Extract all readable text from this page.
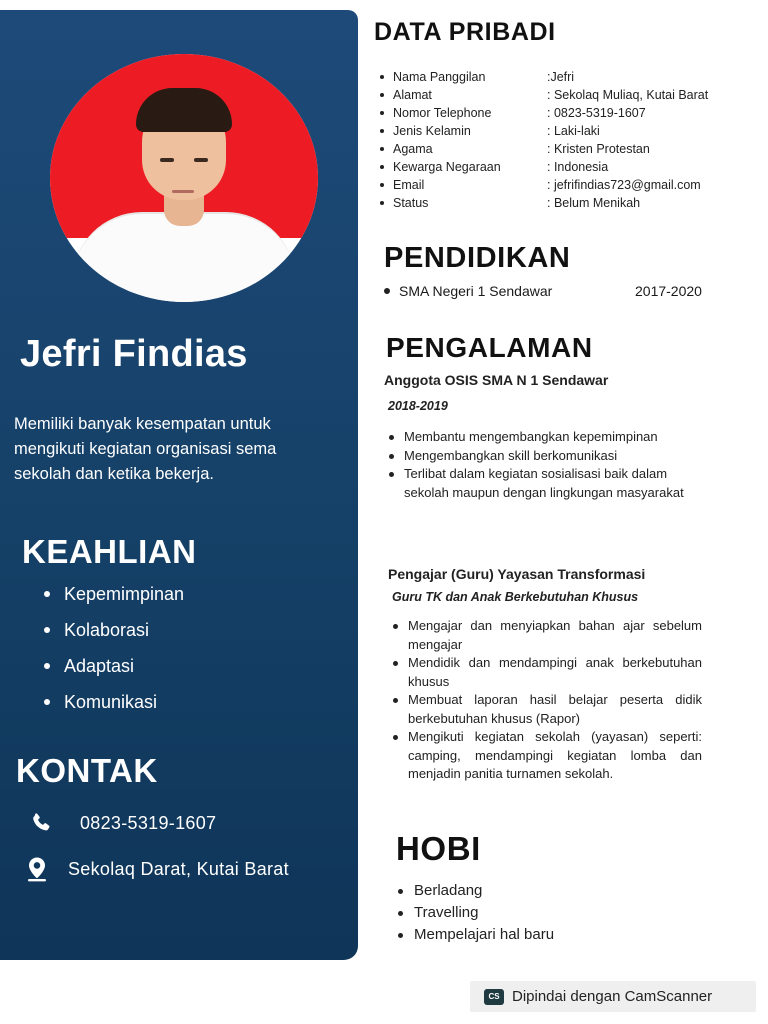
Jefri Findias
Memiliki banyak kesempatan untuk
mengikuti kegiatan organisasi sema
sekolah dan ketika bekerja.
KEAHLIAN
Kepemimpinan
Kolaborasi
Adaptasi
Komunikasi
KONTAK
0823-5319-1607
Sekolaq Darat, Kutai Barat
DATA PRIBADI
Nama Panggilan	:Jefri
Alamat	: Sekolaq Muliaq, Kutai Barat
Nomor Telephone	: 0823-5319-1607
Jenis Kelamin	: Laki-laki
Agama	: Kristen Protestan
Kewarga Negaraan	: Indonesia
Email	: jefrifindias723@gmail.com
Status	: Belum Menikah
PENDIDIKAN
SMA Negeri 1 Sendawar	2017-2020
PENGALAMAN
Anggota OSIS SMA N 1 Sendawar
2018-2019
Membantu mengembangkan kepemimpinan
Mengembangkan skill berkomunikasi
Terlibat dalam kegiatan sosialisasi baik dalam sekolah maupun dengan lingkungan masyarakat
Pengajar (Guru) Yayasan Transformasi
Guru TK dan Anak Berkebutuhan Khusus
Mengajar dan menyiapkan bahan ajar sebelum mengajar
Mendidik dan mendampingi anak berkebutuhan khusus
Membuat laporan hasil belajar peserta didik berkebutuhan khusus (Rapor)
Mengikuti kegiatan sekolah (yayasan) seperti: camping, mendampingi kegiatan lomba dan menjadin panitia turnamen sekolah.
HOBI
Berladang
Travelling
Mempelajari hal baru
CS Dipindai dengan CamScanner
